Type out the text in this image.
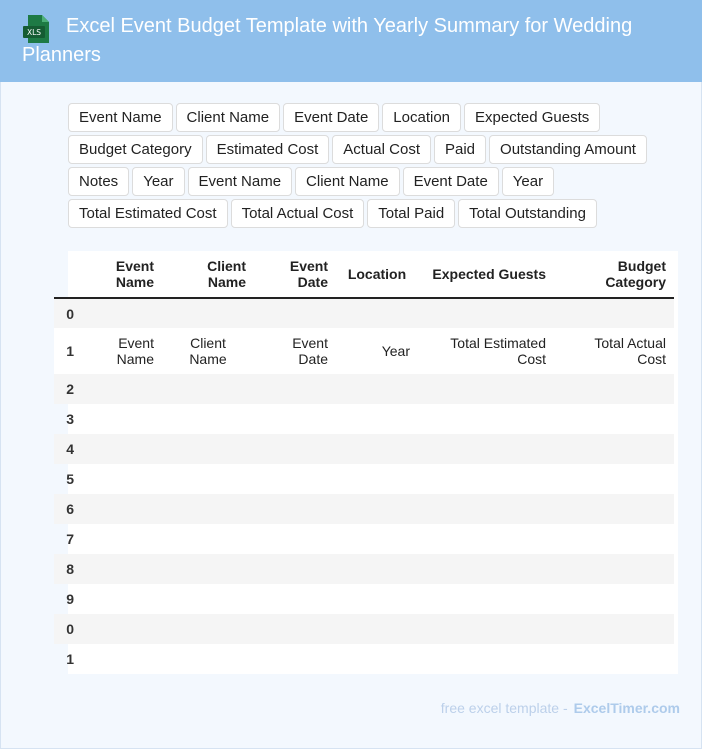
XLS	Excel Event Budget Template with Yearly Summary for Wedding Planners
Event Name	Client Name	Event Date	Location	Expected Guests
Budget Category	Estimated Cost	Actual Cost	Paid	Outstanding Amount
Notes	Year	Event Name	Client Name	Event Date	Year
Total Estimated Cost	Total Actual Cost	Total Paid	Total Outstanding
	Event Name	Client Name	Event Date	Location	Expected Guests	Budget Category
0						
1	Event Name	Client Name	Event Date	Year	Total Estimated Cost	Total Actual Cost
2						
3						
4						
5						
6						
7						
8						
9						
0						
1						
free excel template - ExcelTimer.com
